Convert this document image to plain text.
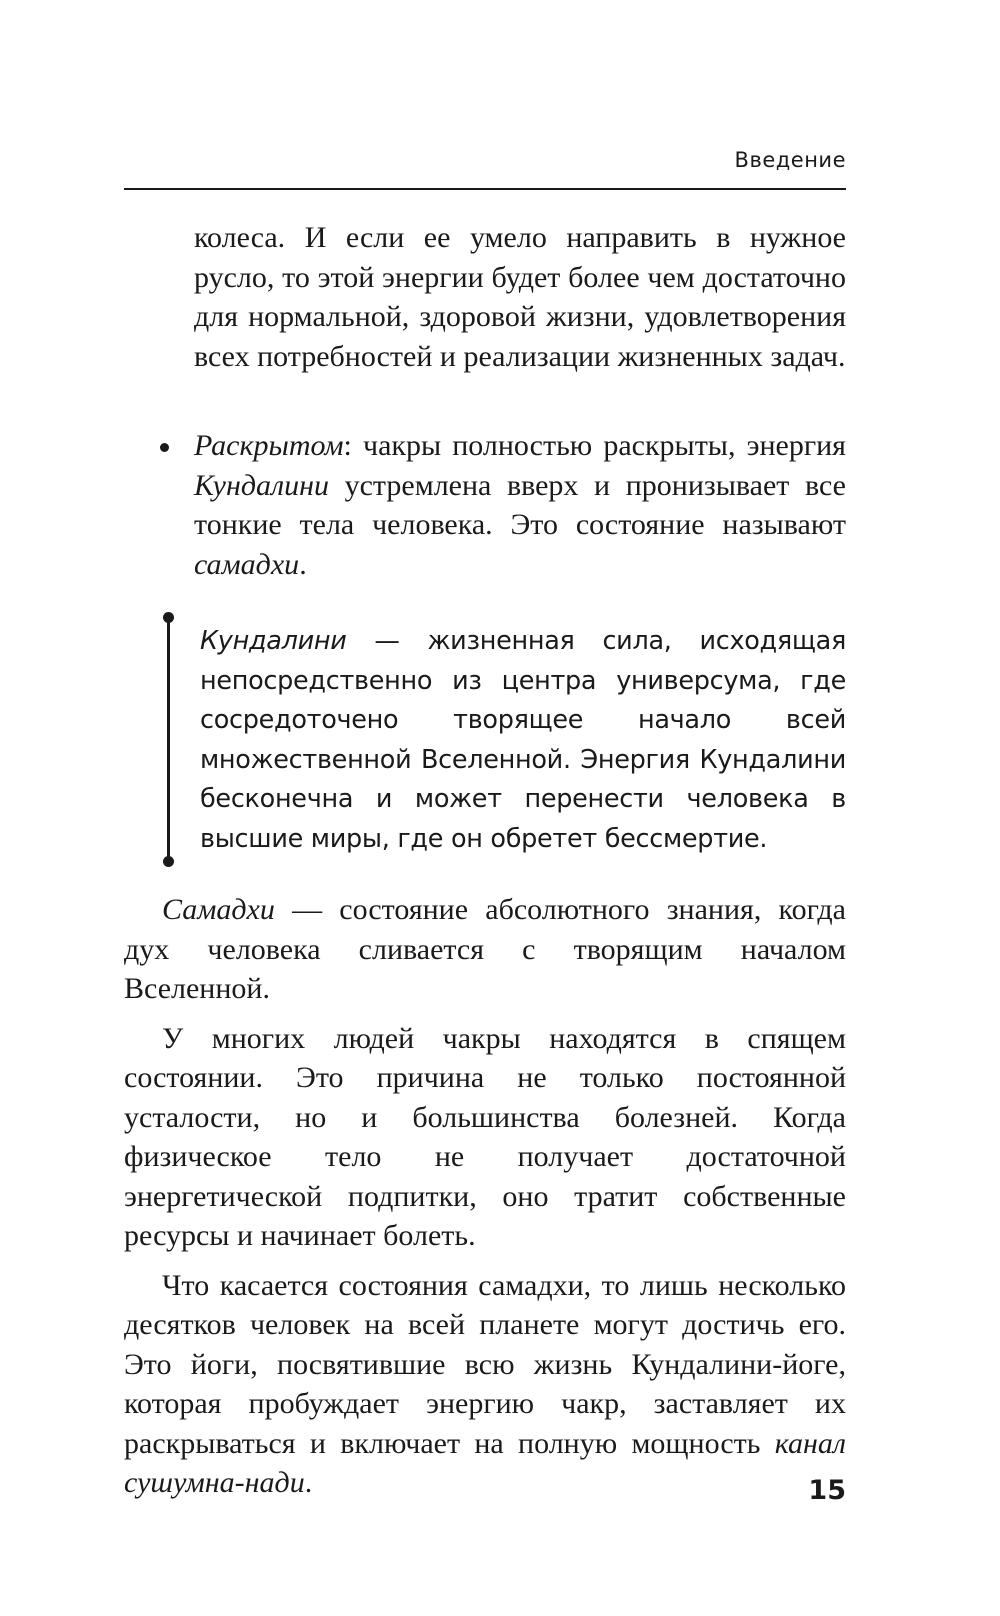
Введение

колеса. И если ее умело направить в нужное русло, то этой энергии будет более чем достаточно для нормальной, здоровой жизни, удовлетворения всех потребностей и реализации жизненных задач.

Раскрытом: чакры полностью раскрыты, энергия Кундалини устремлена вверх и пронизывает все тонкие тела человека. Это состояние называют самадхи.

Кундалини — жизненная сила, исходящая непосредственно из центра универсума, где сосредоточено творящее начало всей множественной Вселенной. Энергия Кундалини бесконечна и может перенести человека в высшие миры, где он обретет бессмертие.

Самадхи — состояние абсолютного знания, когда дух человека сливается с творящим началом Вселенной.

У многих людей чакры находятся в спящем состоянии. Это причина не только постоянной усталости, но и большинства болезней. Когда физическое тело не получает достаточной энергетической подпитки, оно тратит собственные ресурсы и начинает болеть.

Что касается состояния самадхи, то лишь несколько десятков человек на всей планете могут достичь его. Это йоги, посвятившие всю жизнь Кундалини-йоге, которая пробуждает энергию чакр, заставляет их раскрываться и включает на полную мощность канал сушумна-нади.	15
